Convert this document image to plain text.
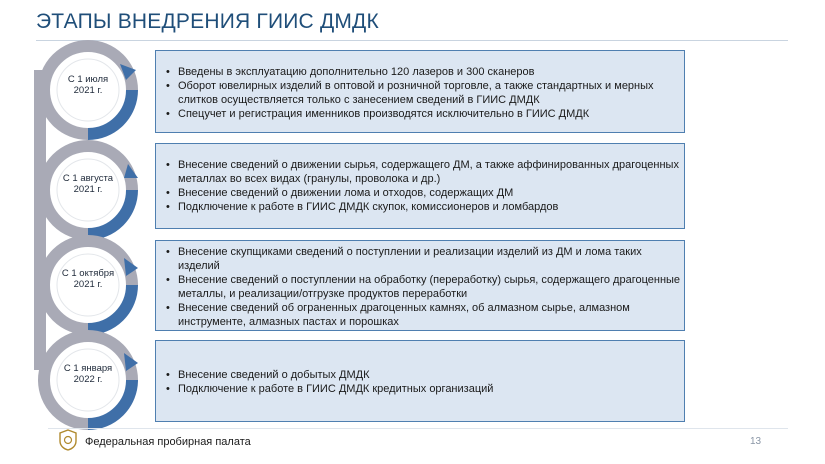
ЭТАПЫ ВНЕДРЕНИЯ ГИИС ДМДК
С 1 июля 2021 г.
С 1 августа 2021 г.
С 1 октября 2021 г.
С 1 января 2022 г.
• Введены в эксплуатацию дополнительно 120 лазеров и 300 сканеров
• Оборот ювелирных изделий в оптовой и розничной торговле, а также стандартных и мерных слитков осуществляется только с занесением сведений в ГИИС ДМДК
• Спецучет и регистрация именников производятся исключительно в ГИИС ДМДК
• Внесение сведений о движении сырья, содержащего ДМ, а также аффинированных драгоценных металлах во всех видах (гранулы, проволока и др.)
• Внесение сведений о движении лома и отходов, содержащих ДМ
• Подключение к работе в ГИИС ДМДК скупок, комиссионеров и ломбардов
• Внесение скупщиками сведений о поступлении и реализации изделий из ДМ и лома таких изделий
• Внесение сведений о поступлении на обработку (переработку) сырья, содержащего драгоценные металлы, и реализации/отгрузке продуктов переработки
• Внесение сведений об ограненных драгоценных камнях, об алмазном сырье, алмазном инструменте, алмазных пастах и порошках
• Внесение сведений о добытых ДМДК
• Подключение к работе в ГИИС ДМДК кредитных организаций
Федеральная пробирная палата	13
